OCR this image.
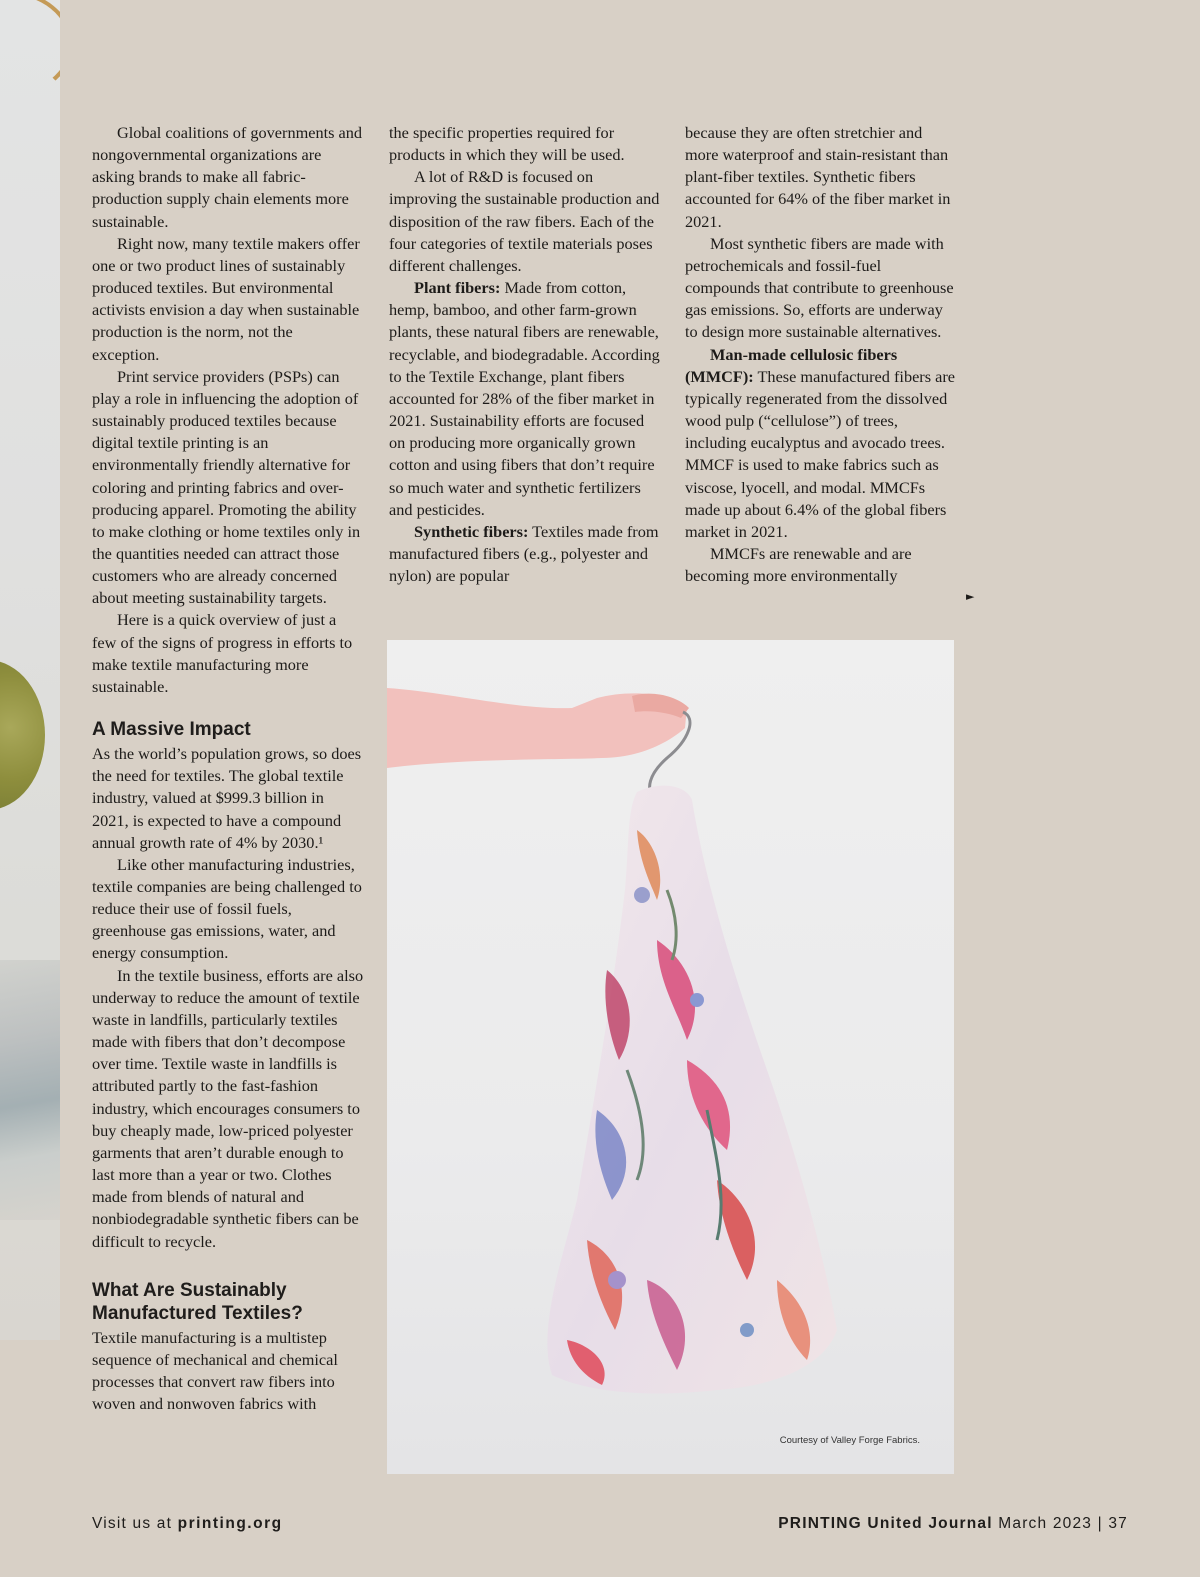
Global coalitions of governments and nongovernmental organizations are asking brands to make all fabric-production supply chain elements more sustainable.

Right now, many textile makers offer one or two product lines of sustainably produced textiles. But environmental activists envision a day when sustainable production is the norm, not the exception.

Print service providers (PSPs) can play a role in influencing the adoption of sustainably produced textiles because digital textile printing is an environmentally friendly alternative for coloring and printing fabrics and over-producing apparel. Promoting the ability to make clothing or home textiles only in the quantities needed can attract those customers who are already concerned about meeting sustainability targets.

Here is a quick overview of just a few of the signs of progress in efforts to make textile manufacturing more sustainable.

A Massive Impact

As the world’s population grows, so does the need for textiles. The global textile industry, valued at $999.3 billion in 2021, is expected to have a compound annual growth rate of 4% by 2030.¹

Like other manufacturing industries, textile companies are being challenged to reduce their use of fossil fuels, greenhouse gas emissions, water, and energy consumption.

In the textile business, efforts are also underway to reduce the amount of textile waste in landfills, particularly textiles made with fibers that don’t decompose over time. Textile waste in landfills is attributed partly to the fast-fashion industry, which encourages consumers to buy cheaply made, low-priced polyester garments that aren’t durable enough to last more than a year or two. Clothes made from blends of natural and nonbiodegradable synthetic fibers can be difficult to recycle.

What Are Sustainably Manufactured Textiles?

Textile manufacturing is a multistep sequence of mechanical and chemical processes that convert raw fibers into woven and nonwoven fabrics with

the specific properties required for products in which they will be used.

A lot of R&D is focused on improving the sustainable production and disposition of the raw fibers. Each of the four categories of textile materials poses different challenges.

Plant fibers: Made from cotton, hemp, bamboo, and other farm-grown plants, these natural fibers are renewable, recyclable, and biodegradable. According to the Textile Exchange, plant fibers accounted for 28% of the fiber market in 2021. Sustainability efforts are focused on producing more organically grown cotton and using fibers that don’t require so much water and synthetic fertilizers and pesticides.

Synthetic fibers: Textiles made from manufactured fibers (e.g., polyester and nylon) are popular

because they are often stretchier and more waterproof and stain-resistant than plant-fiber textiles. Synthetic fibers accounted for 64% of the fiber market in 2021.

Most synthetic fibers are made with petrochemicals and fossil-fuel compounds that contribute to greenhouse gas emissions. So, efforts are underway to design more sustainable alternatives.

Man-made cellulosic fibers (MMCF): These manufactured fibers are typically regenerated from the dissolved wood pulp (“cellulose”) of trees, including eucalyptus and avocado trees. MMCF is used to make fabrics such as viscose, lyocell, and modal. MMCFs made up about 6.4% of the global fibers market in 2021.

MMCFs are renewable and are becoming more environmentally

►
Courtesy of Valley Forge Fabrics.
Visit us at printing.org	PRINTING United Journal March 2023 | 37
